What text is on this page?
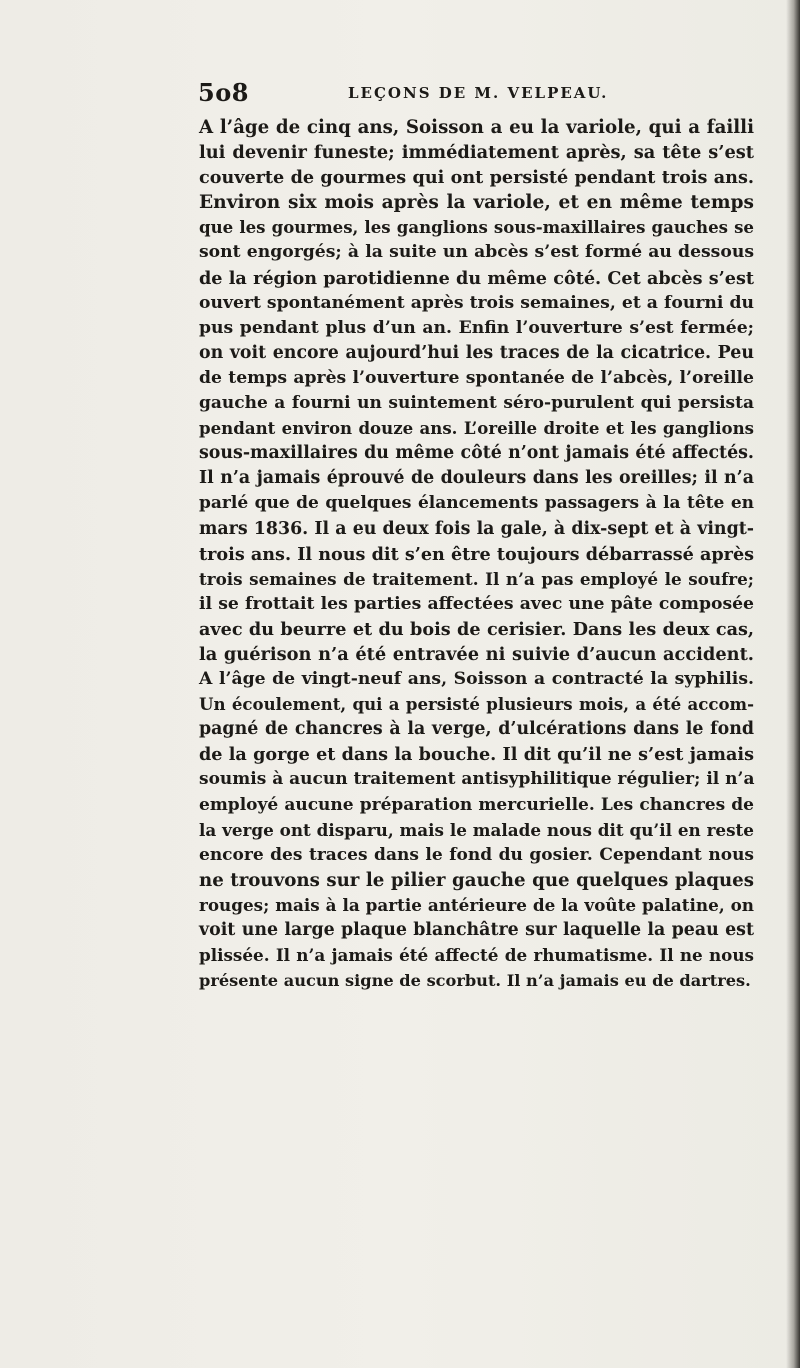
5o8	LEÇONS DE M. VELPEAU.
A l’âge de cinq ans, Soisson a eu la variole, qui a failli
lui devenir funeste; immédiatement après, sa tête s’est
couverte de gourmes qui ont persisté pendant trois ans.
Environ six mois après la variole, et en même temps
que les gourmes, les ganglions sous-maxillaires gauches se
sont engorgés; à la suite un abcès s’est formé au dessous
de la région parotidienne du même côté. Cet abcès s’est
ouvert spontanément après trois semaines, et a fourni du
pus pendant plus d’un an. Enfin l’ouverture s’est fermée;
on voit encore aujourd’hui les traces de la cicatrice. Peu
de temps après l’ouverture spontanée de l’abcès, l’oreille
gauche a fourni un suintement séro-purulent qui persista
pendant environ douze ans. L’oreille droite et les ganglions
sous-maxillaires du même côté n’ont jamais été affectés.
Il n’a jamais éprouvé de douleurs dans les oreilles; il n’a
parlé que de quelques élancements passagers à la tête en
mars 1836. Il a eu deux fois la gale, à dix-sept et à vingt-
trois ans. Il nous dit s’en être toujours débarrassé après
trois semaines de traitement. Il n’a pas employé le soufre;
il se frottait les parties affectées avec une pâte composée
avec du beurre et du bois de cerisier. Dans les deux cas,
la guérison n’a été entravée ni suivie d’aucun accident.
A l’âge de vingt-neuf ans, Soisson a contracté la syphilis.
Un écoulement, qui a persisté plusieurs mois, a été accom-
pagné de chancres à la verge, d’ulcérations dans le fond
de la gorge et dans la bouche. Il dit qu’il ne s’est jamais
soumis à aucun traitement antisyphilitique régulier; il n’a
employé aucune préparation mercurielle. Les chancres de
la verge ont disparu, mais le malade nous dit qu’il en reste
encore des traces dans le fond du gosier. Cependant nous
ne trouvons sur le pilier gauche que quelques plaques
rouges; mais à la partie antérieure de la voûte palatine, on
voit une large plaque blanchâtre sur laquelle la peau est
plissée. Il n’a jamais été affecté de rhumatisme. Il ne nous
présente aucun signe de scorbut. Il n’a jamais eu de dartres.
